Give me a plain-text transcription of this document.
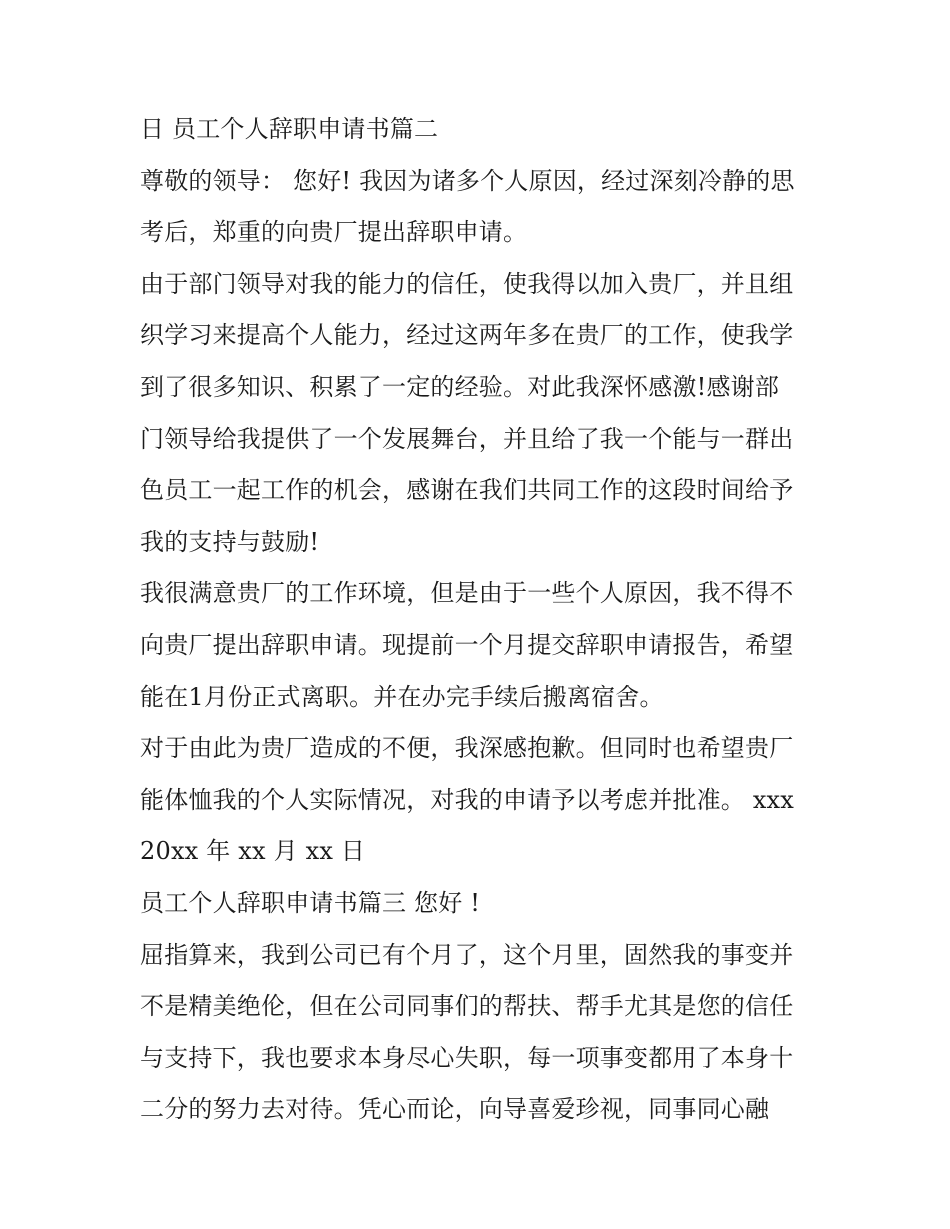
日 员工个人辞职申请书篇二
尊敬的领导： 您好! 我因为诸多个人原因，经过深刻冷静的思
考后，郑重的向贵厂提出辞职申请。
由于部门领导对我的能力的信任，使我得以加入贵厂，并且组
织学习来提高个人能力，经过这两年多在贵厂的工作，使我学
到了很多知识、积累了一定的经验。对此我深怀感激!感谢部
门领导给我提供了一个发展舞台，并且给了我一个能与一群出
色员工一起工作的机会，感谢在我们共同工作的这段时间给予
我的支持与鼓励!
我很满意贵厂的工作环境，但是由于一些个人原因，我不得不
向贵厂提出辞职申请。现提前一个月提交辞职申请报告，希望
能在1月份正式离职。并在办完手续后搬离宿舍。
对于由此为贵厂造成的不便，我深感抱歉。但同时也希望贵厂
能体恤我的个人实际情况，对我的申请予以考虑并批准。 xxx
20xx 年 xx 月 xx 日
员工个人辞职申请书篇三 您好 !
屈指算来，我到公司已有个月了，这个月里，固然我的事变并
不是精美绝伦，但在公司同事们的帮扶、帮手尤其是您的信任
与支持下，我也要求本身尽心失职，每一项事变都用了本身十
二分的努力去对待。凭心而论，向导喜爱珍视，同事同心融
